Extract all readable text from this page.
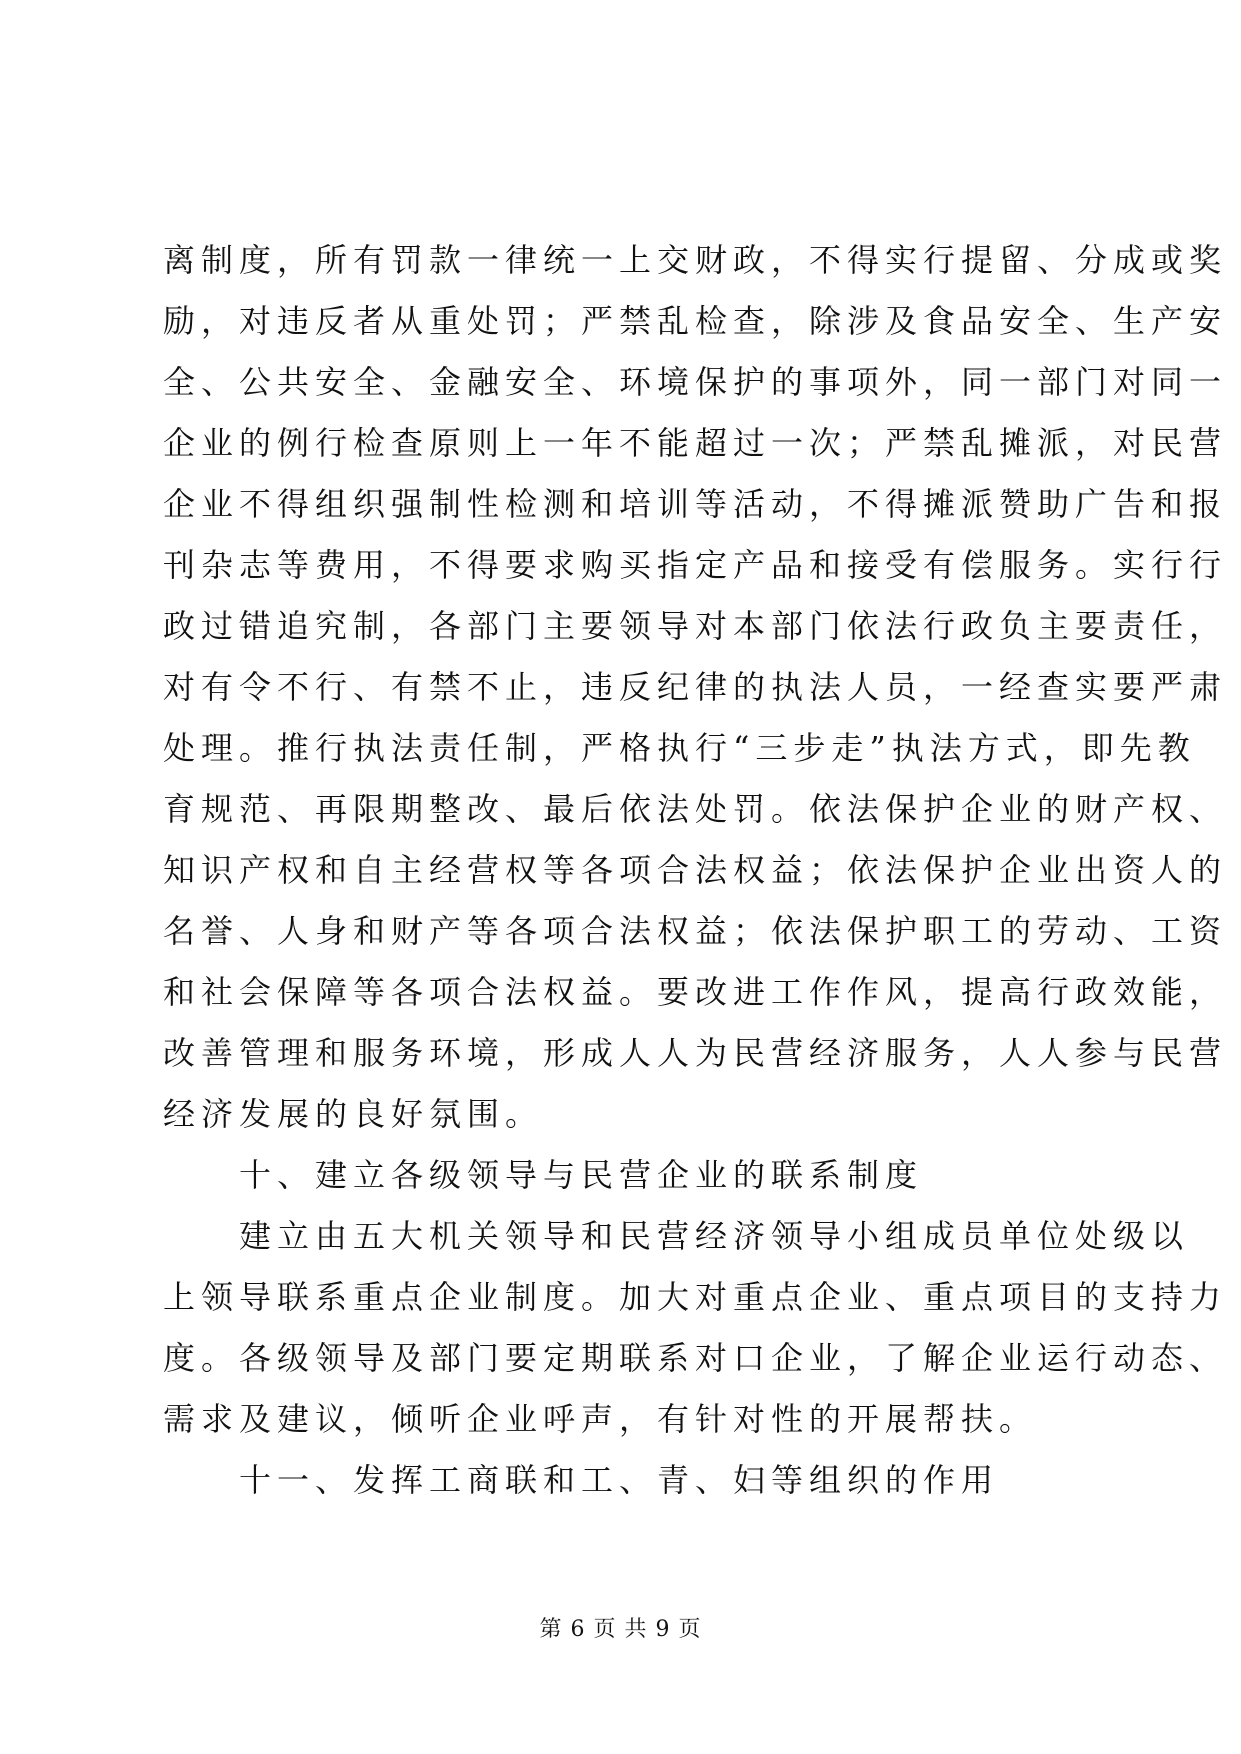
离制度，所有罚款一律统一上交财政，不得实行提留、分成或奖
励，对违反者从重处罚；严禁乱检查，除涉及食品安全、生产安
全、公共安全、金融安全、环境保护的事项外，同一部门对同一
企业的例行检查原则上一年不能超过一次；严禁乱摊派，对民营
企业不得组织强制性检测和培训等活动，不得摊派赞助广告和报
刊杂志等费用，不得要求购买指定产品和接受有偿服务。实行行
政过错追究制，各部门主要领导对本部门依法行政负主要责任，
对有令不行、有禁不止，违反纪律的执法人员，一经查实要严肃
处理。推行执法责任制，严格执行“三步走”执法方式，即先教
育规范、再限期整改、最后依法处罚。依法保护企业的财产权、
知识产权和自主经营权等各项合法权益；依法保护企业出资人的
名誉、人身和财产等各项合法权益；依法保护职工的劳动、工资
和社会保障等各项合法权益。要改进工作作风，提高行政效能，
改善管理和服务环境，形成人人为民营经济服务，人人参与民营
经济发展的良好氛围。
　　十、建立各级领导与民营企业的联系制度
　　建立由五大机关领导和民营经济领导小组成员单位处级以
上领导联系重点企业制度。加大对重点企业、重点项目的支持力
度。各级领导及部门要定期联系对口企业，了解企业运行动态、
需求及建议，倾听企业呼声，有针对性的开展帮扶。
　　十一、发挥工商联和工、青、妇等组织的作用
第 6 页 共 9 页
